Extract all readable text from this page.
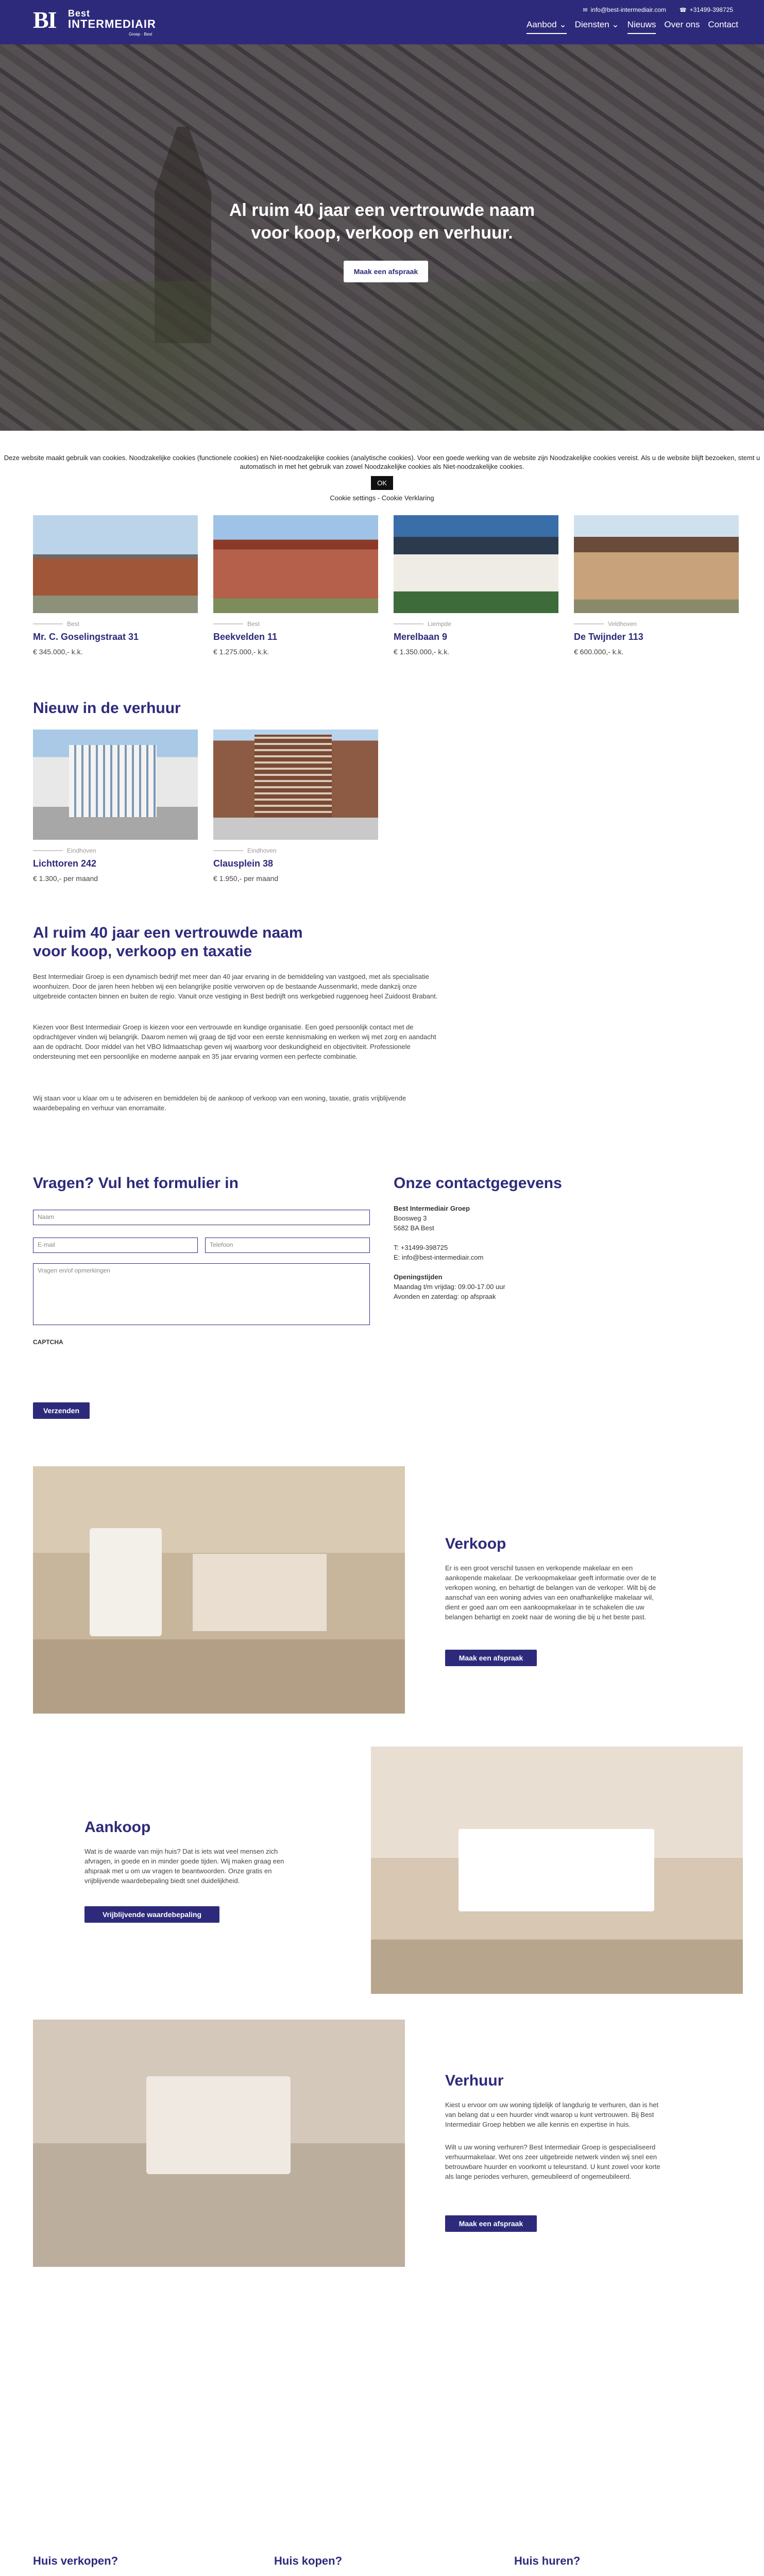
BI Best
INTERMEDIAIR
Groep · Best
✉ info@best-intermediair.com ☎ +31499-398725
Aanbod ⌄ Diensten ⌄ Nieuws Over ons Contact
Al ruim 40 jaar een vertrouwde naam
voor koop, verkoop en verhuur.
Maak een afspraak

Deze website maakt gebruik van cookies. Noodzakelijke cookies (functionele cookies) en Niet-noodzakelijke cookies (analytische cookies). Voor een goede werking van de website zijn Noodzakelijke cookies vereist. Als u de website blijft bezoeken, stemt u automatisch in met het gebruik van zowel Noodzakelijke cookies als Niet-noodzakelijke cookies.

OK
Cookie settings - Cookie Verklaring
Best
Mr. C. Goselingstraat 31
€ 345.000,- k.k.
Best
Beekvelden 11
€ 1.275.000,- k.k.
Liempde
Merelbaan 9
€ 1.350.000,- k.k.
Veldhoven
De Twijnder 113
€ 600.000,- k.k.
Nieuw in de verhuur
Eindhoven
Lichttoren 242
€ 1.300,- per maand
Eindhoven
Clausplein 38
€ 1.950,- per maand
Al ruim 40 jaar een vertrouwde naam
voor koop, verkoop en taxatie

Best Intermediair Groep is een dynamisch bedrijf met meer dan 40 jaar ervaring in de bemiddeling van vastgoed, met als specialisatie woonhuizen. Door de jaren heen hebben wij een belangrijke positie verworven op de bestaande Aussenmarkt, mede dankzij onze uitgebreide contacten binnen en buiten de regio. Vanuit onze vestiging in Best bedrijft ons werkgebied ruggenoeg heel Zuidoost Brabant.

Kiezen voor Best Intermediair Groep is kiezen voor een vertrouwde en kundige organisatie. Een goed persoonlijk contact met de opdrachtgever vinden wij belangrijk. Daarom nemen wij graag de tijd voor een eerste kennismaking en werken wij met zorg en aandacht aan de opdracht. Door middel van het VBO lidmaatschap geven wij waarborg voor deskundigheid en objectiviteit. Professionele ondersteuning met een persoonlijke en moderne aanpak en 35 jaar ervaring vormen een perfecte combinatie.

Wij staan voor u klaar om u te adviseren en bemiddelen bij de aankoop of verkoop van een woning, taxatie, gratis vrijblijvende waardebepaling en verhuur van enorramaite.

Vragen? Vul het formulier in
Naam
E-mail	Telefoon
Vragen en/of opmerkingen
CAPTCHA
Verzenden
Onze contactgegevens
Best Intermediair Groep
Boosweg 3
5682 BA Best
T: +31499-398725
E: info@best-intermediair.com
Openingstijden
Maandag t/m vrijdag: 09.00-17.00 uur
Avonden en zaterdag: op afspraak
Verkoop
Er is een groot verschil tussen en verkopende makelaar en een aankopende makelaar. De verkoopmakelaar geeft informatie over de te verkopen woning, en behartigt de belangen van de verkoper. Wilt bij de aanschaf van een woning advies van een onafhankelijke makelaar wil, dient er goed aan om een aankoopmakelaar in te schakelen die uw belangen behartigt en zoekt naar de woning die bij u het beste past.
Maak een afspraak
Aankoop
Wat is de waarde van mijn huis? Dat is iets wat veel mensen zich afvragen, in goede en in minder goede tijden. Wij maken graag een afspraak met u om uw vragen te beantwoorden. Onze gratis en vrijblijvende waardebepaling biedt snel duidelijkheid.
Vrijblijvende waardebepaling
Verhuur
Kiest u ervoor om uw woning tijdelijk of langdurig te verhuren, dan is het van belang dat u een huurder vindt waarop u kunt vertrouwen. Bij Best Intermediair Groep hebben we alle kennis en expertise in huis.
Wilt u uw woning verhuren? Best Intermediair Groep is gespecialiseerd verhuurmakelaar. Wet ons zeer uitgebreide netwerk vinden wij snel een betrouwbare huurder en voorkomt u teleurstand. U kunt zowel voor korte als lange periodes verhuren, gemeubileerd of ongemeubileerd.
Maak een afspraak
Huis verkopen?	Huis kopen?	Huis huren?
